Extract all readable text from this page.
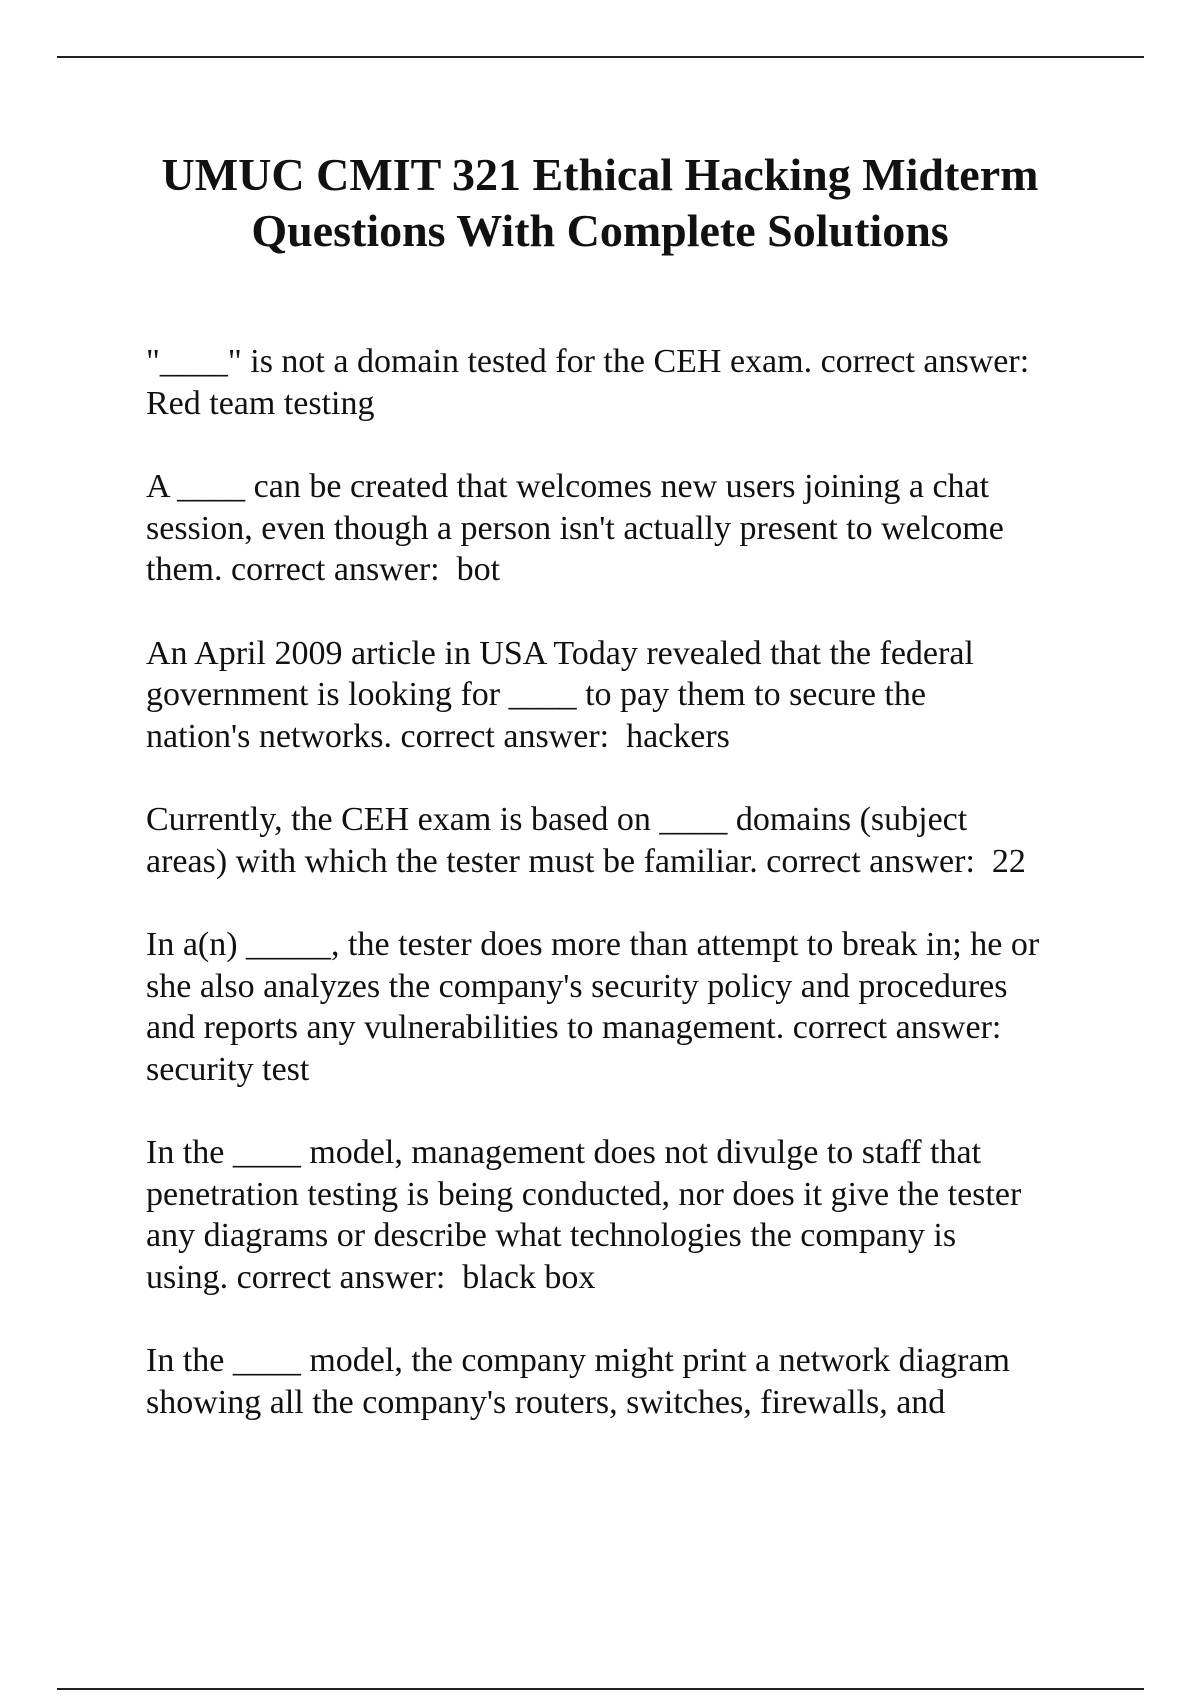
UMUC CMIT 321 Ethical Hacking Midterm
Questions With Complete Solutions
"____" is not a domain tested for the CEH exam. correct answer:
Red team testing
A ____ can be created that welcomes new users joining a chat
session, even though a person isn't actually present to welcome
them. correct answer:  bot
An April 2009 article in USA Today revealed that the federal
government is looking for ____ to pay them to secure the
nation's networks. correct answer:  hackers
Currently, the CEH exam is based on ____ domains (subject
areas) with which the tester must be familiar. correct answer:  22
In a(n) _____, the tester does more than attempt to break in; he or
she also analyzes the company's security policy and procedures
and reports any vulnerabilities to management. correct answer:
security test
In the ____ model, management does not divulge to staff that
penetration testing is being conducted, nor does it give the tester
any diagrams or describe what technologies the company is
using. correct answer:  black box
In the ____ model, the company might print a network diagram
showing all the company's routers, switches, firewalls, and
